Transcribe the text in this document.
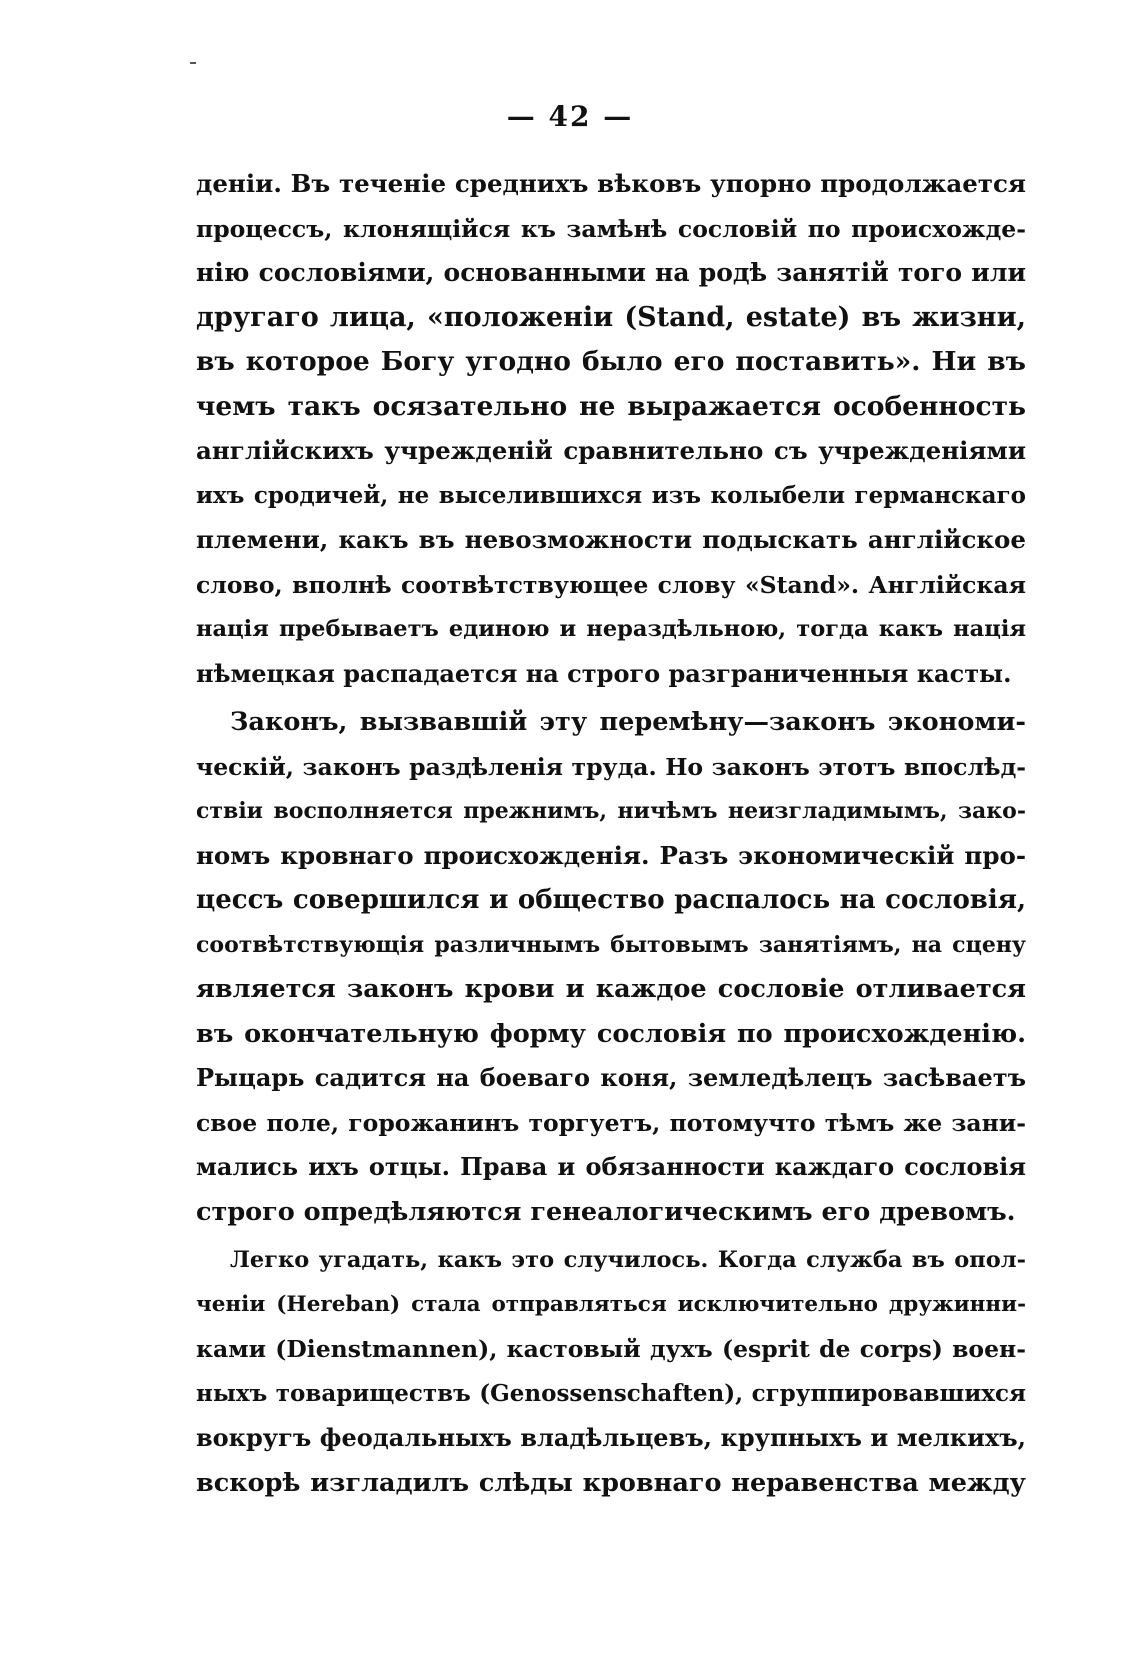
— 42 —
деніи. Въ теченіе среднихъ вѣковъ упорно продолжается
процессъ, клонящійся къ замѣнѣ сословій по происхожде-
нію сословіями, основанными на родѣ занятій того или
другаго лица, «положеніи (Stand, estate) въ жизни,
въ которое Богу угодно было его поставить». Ни въ
чемъ такъ осязательно не выражается особенность
англійскихъ учрежденій сравнительно съ учрежденіями
ихъ сродичей, не выселившихся изъ колыбели германскаго
племени, какъ въ невозможности подыскать англійское
слово, вполнѣ соотвѣтствующее слову «Stand». Англійская
нація пребываетъ единою и нераздѣльною, тогда какъ нація
нѣмецкая распадается на строго разграниченныя касты.
Законъ, вызвавшій эту перемѣну—законъ экономи-
ческій, законъ раздѣленія труда. Но законъ этотъ впослѣд-
ствіи восполняется прежнимъ, ничѣмъ неизгладимымъ, зако-
номъ кровнаго происхожденія. Разъ экономическій про-
цессъ совершился и общество распалось на сословія,
соотвѣтствующія различнымъ бытовымъ занятіямъ, на сцену
является законъ крови и каждое сословіе отливается
въ окончательную форму сословія по происхожденію.
Рыцарь садится на боеваго коня, земледѣлецъ засѣваетъ
свое поле, горожанинъ торгуетъ, потомучто тѣмъ же зани-
мались ихъ отцы. Права и обязанности каждаго сословія
строго опредѣляются генеалогическимъ его древомъ.
Легко угадать, какъ это случилось. Когда служба въ опол-
ченіи (Hereban) стала отправляться исключительно дружинни-
ками (Dienstmannen), кастовый духъ (esprit de corps) воен-
ныхъ товариществъ (Genossenschaften), сгруппировавшихся
вокругъ феодальныхъ владѣльцевъ, крупныхъ и мелкихъ,
вскорѣ изгладилъ слѣды кровнаго неравенства между
